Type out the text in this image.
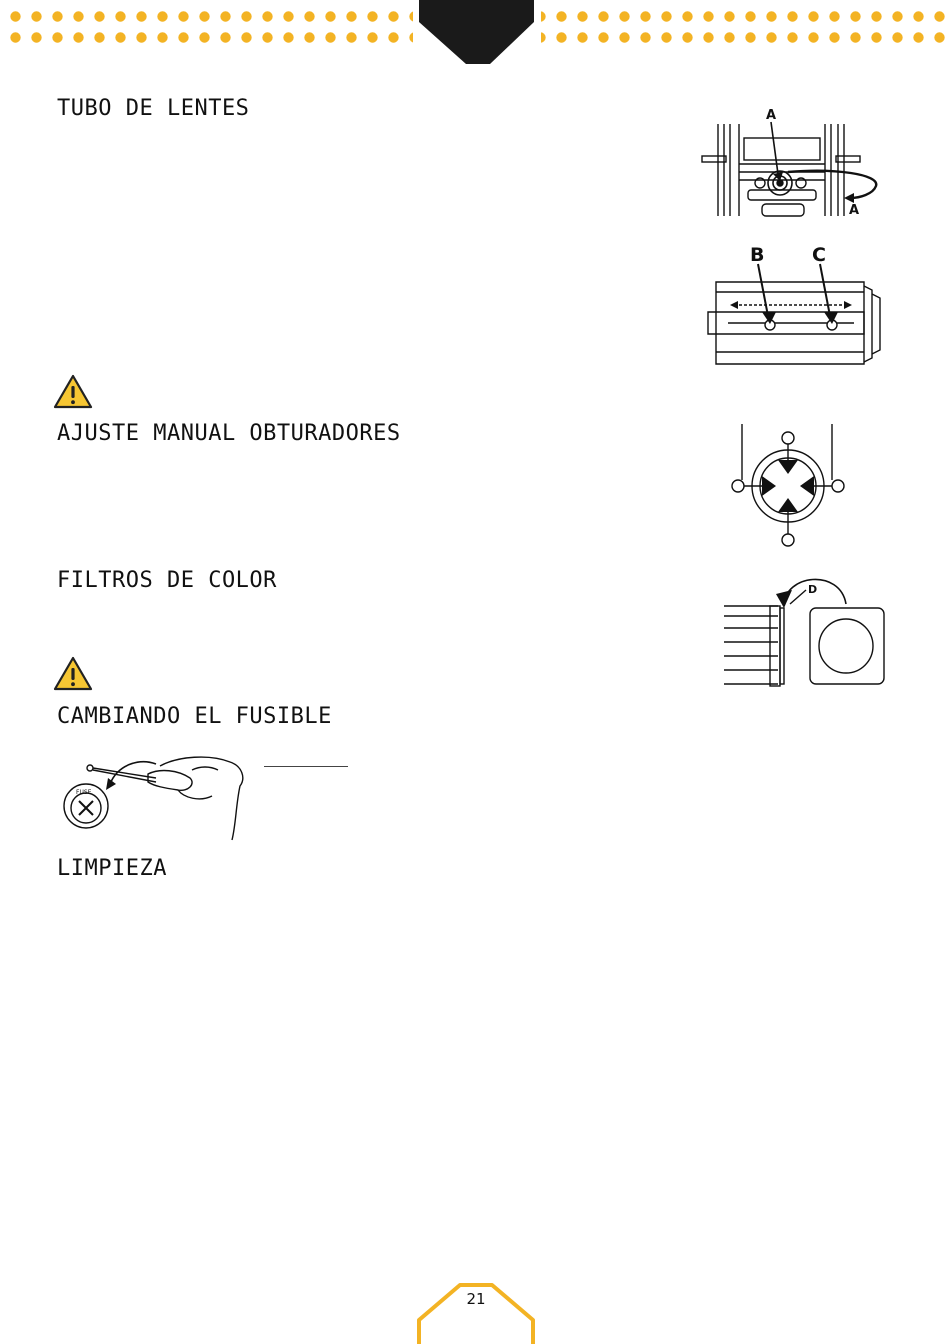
TUBO DE LENTES
AJUSTE MANUAL OBTURADORES
FILTROS DE COLOR
CAMBIANDO EL FUSIBLE
LIMPIEZA
A
A
B	C
D
FUSE
21
